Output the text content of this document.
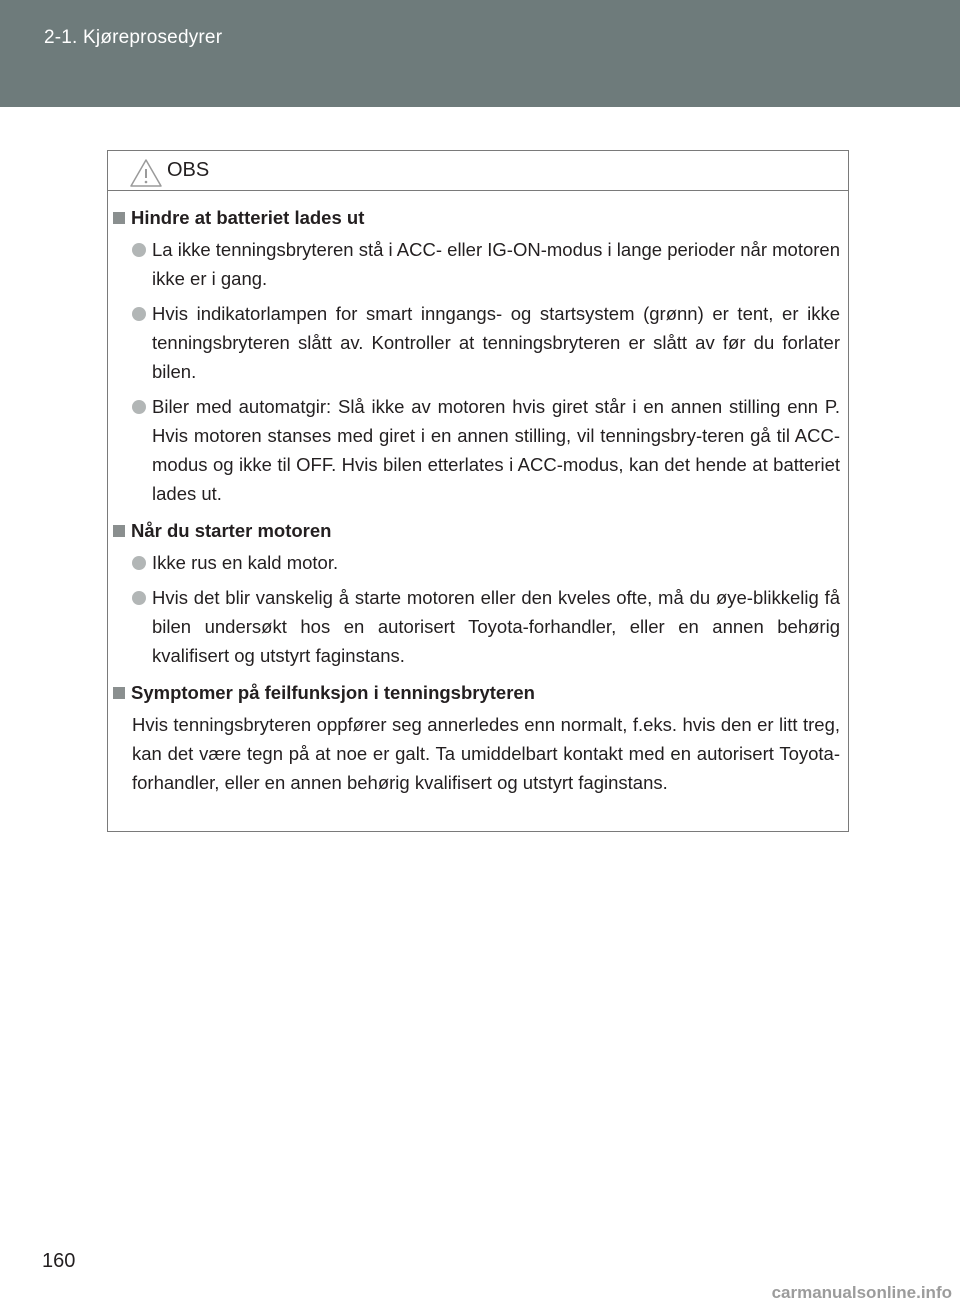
2-1. Kjøreprosedyrer
OBS
Hindre at batteriet lades ut
La ikke tenningsbryteren stå i ACC- eller IG-ON-modus i lange perioder når motoren ikke er i gang.
Hvis indikatorlampen for smart inngangs- og startsystem (grønn) er tent, er ikke tenningsbryteren slått av. Kontroller at tenningsbryteren er slått av før du forlater bilen.
Biler med automatgir: Slå ikke av motoren hvis giret står i en annen stilling enn P. Hvis motoren stanses med giret i en annen stilling, vil tenningsbry-teren gå til ACC-modus og ikke til OFF. Hvis bilen etterlates i ACC-modus, kan det hende at batteriet lades ut.
Når du starter motoren
Ikke rus en kald motor.
Hvis det blir vanskelig å starte motoren eller den kveles ofte, må du øye-blikkelig få bilen undersøkt hos en autorisert Toyota-forhandler, eller en annen behørig kvalifisert og utstyrt faginstans.
Symptomer på feilfunksjon i tenningsbryteren
Hvis tenningsbryteren oppfører seg annerledes enn normalt, f.eks. hvis den er litt treg, kan det være tegn på at noe er galt. Ta umiddelbart kontakt med en autorisert Toyota-forhandler, eller en annen behørig kvalifisert og utstyrt faginstans.
160
carmanualsonline.info
